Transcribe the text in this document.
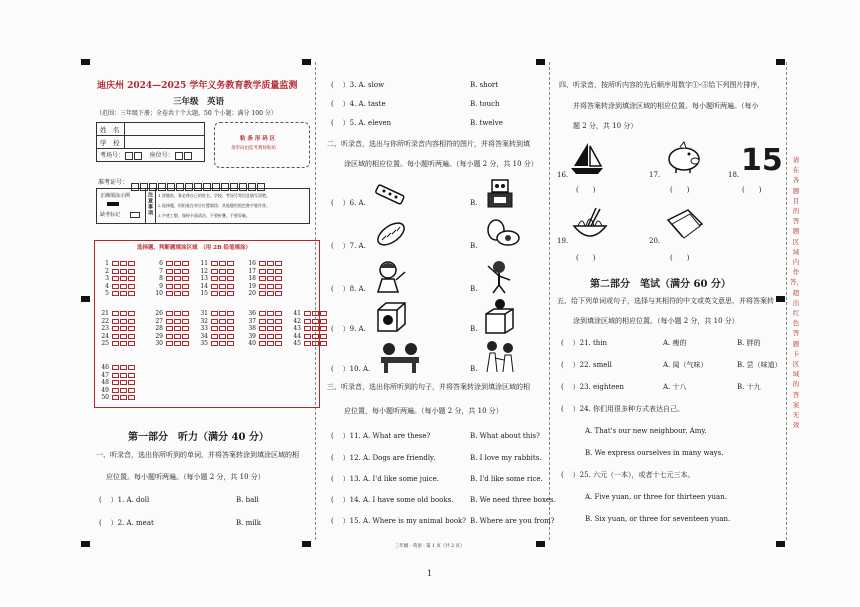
迪庆州 2024—2025 学年义务教育教学质量监测
三年级　英语
（范围：三年级下册；全卷共十个大题，50 个小题；满分 100 分）
姓　名		
学　校		
考场号： 座位号：		
粘 条 形 码 区
条形码由监考教师粘贴
准考证号：
正确填涂示例
缺考标记	注意事项 1.答题前，务必将自己的姓名、学校、考场号等信息填写清楚。
2.选择题，用铅笔在对应位置填涂；其他题用黑色签字笔作答。
3.字迹工整，保持卡面清洁，不要折叠，不要弄破。
选择题、判断题填涂区域　（用 2B 铅笔填涂）
1	6	11	16
2	7	12	17
3	8	13	18
4	9	14	19
5	10	15	20
21	26	31	36	41
22	27	32	37	42
23	28	33	38	43
24	29	34	39	44
25	30	35	40	45
46
47
48
49
50
第一部分　听力（满分 40 分）
一、听录音，选出你所听到的单词，并将答案转涂到填涂区域的相
应位置。每小题听两遍。（每小题 2 分，共 10 分）
(    ）1. A. doll	B. ball
(    ）2. A. meat	B. milk
(    ）3. A. slow	B. short
(    ）4. A. taste	B. touch
(    ）5. A. eleven	B. twelve
二、听录音，选出与你所听录音内容相符的图片，并将答案转到填
涂区域的相应位置。每小题听两遍。（每小题 2 分，共 10 分）
(    ）6. A.	B.
(    ）7. A.	B.
(    ）8. A.	B.
(    ）9. A.	B.
(    ）10. A.	B.
三、听录音，选出你所听到的句子，并将答案转涂到填涂区域的相
应位置，每小题听两遍。（每小题 2 分，共 10 分）
(    ）11. A. What are these?	B. What about this?
(    ）12. A. Dogs are friendly.	B. I love my rabbits.
(    ）13. A. I'd like some juice.	B. I'd like some rice.
(    ）14. A. I have some old books. B. We need three boxes.
(    ）15. A. Where is my animal book? B. Where are you from?
四、听录音，按所听内容的先后顺序用数字①-⑤给下列图片排序，
并将答案转涂到填涂区域的相应位置。每小题听两遍。（每小
题 2 分，共 10 分）
16.
(　　)
17.
(　　)
18. 15
(　　)
19.
(　　)
20.
(　　)
第二部分　笔试（满分 60 分）
五、给下列单词或句子，选择与其相符的中文或英文意思，并将答案转
涂到填涂区域的相应位置。（每小题 2 分，共 10 分）
(    ）21. thin	A. 瘦的	B. 胖的
(    ）22. smell	A. 闻（气味）	B. 尝（味道）
(    ）23. eighteen	A. 十八	B. 十九
(    ）24. 你们用很多种方式表达自己。
A. That's our new neighbour, Amy.
B. We express ourselves in many ways.
(    ）25. 六元（一本），或者十七元三本。
A. Five yuan, or three for thirteen yuan.
B. Six yuan, or three for seventeen yuan.
请在各题目的答题区域内作答，超出红色答题卡区域的答案无效
三年级 · 英语 · 第 1 页（共 2 页）
1
